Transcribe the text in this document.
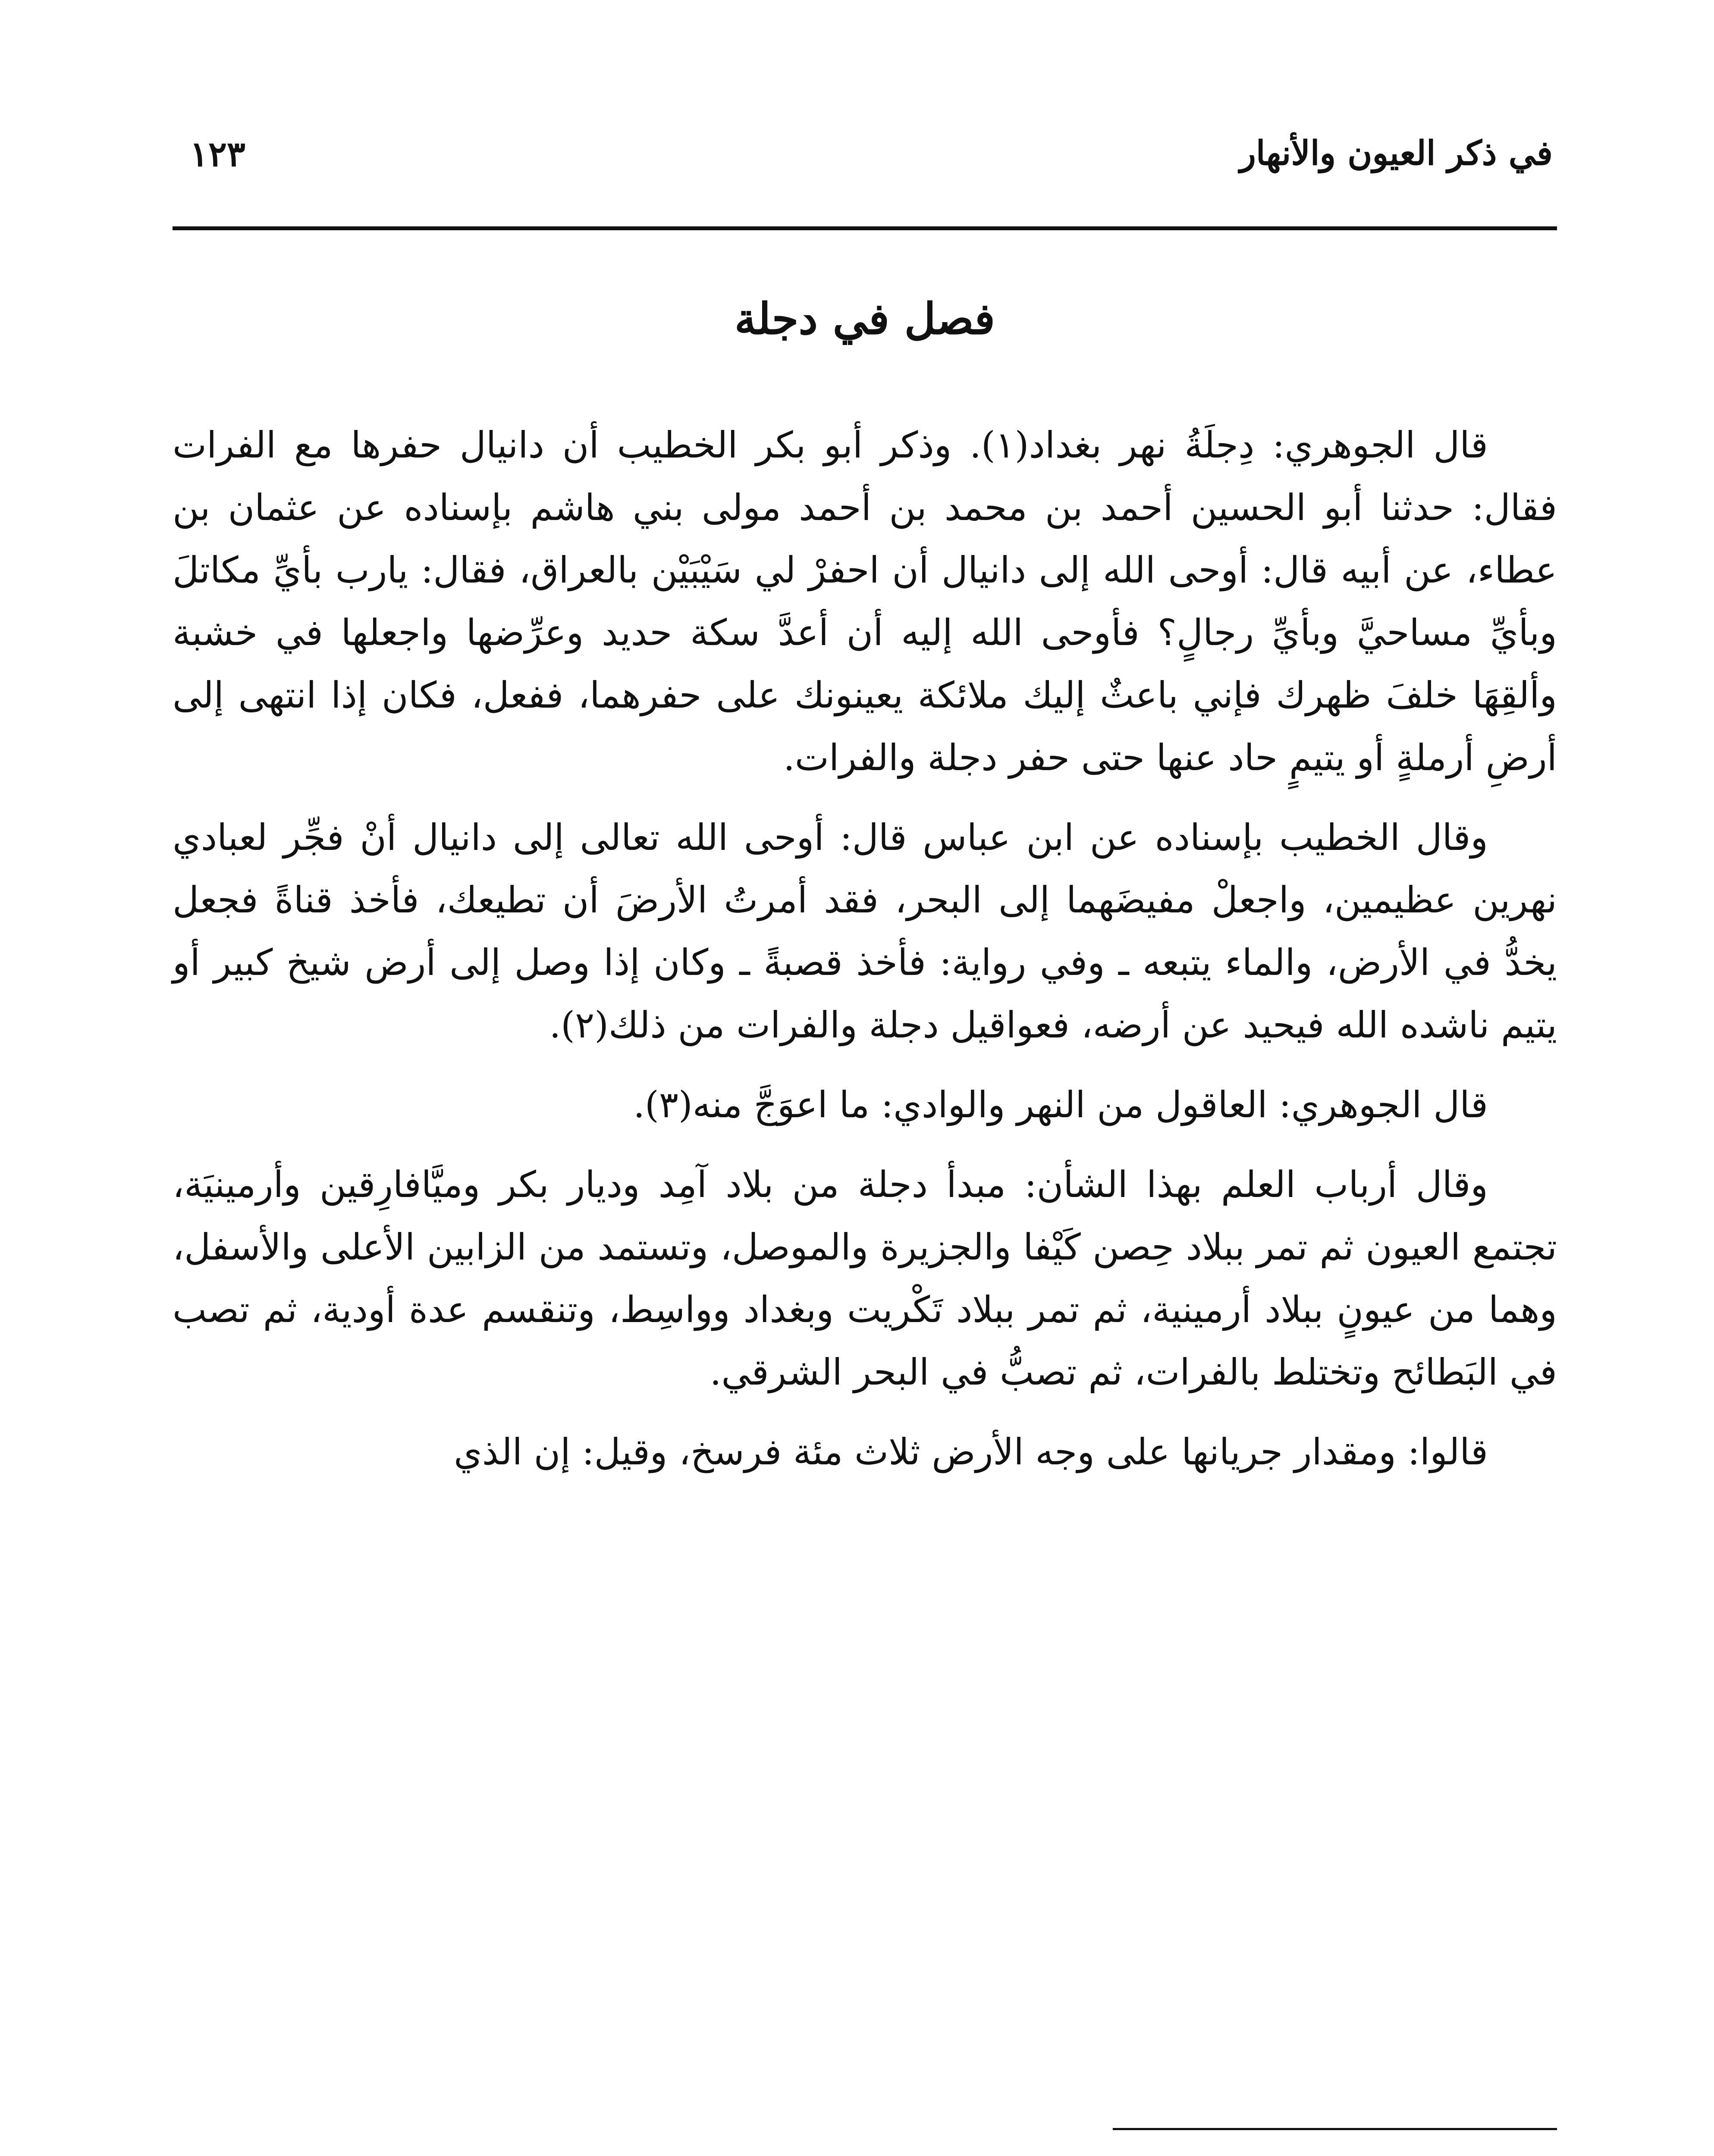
في ذكر العيون والأنهار
١٢٣
فصل في دجلة

قال الجوهري: دِجلَةُ نهر بغداد(١). وذكر أبو بكر الخطيب أن دانيال حفرها مع الفرات فقال: حدثنا أبو الحسين أحمد بن محمد بن أحمد مولى بني هاشم بإسناده عن عثمان بن عطاء، عن أبيه قال: أوحى الله إلى دانيال أن احفرْ لي سَيْبَيْن بالعراق، فقال: يارب بأيِّ مكاتلَ وبأيِّ مساحيَّ وبأيِّ رجالٍ؟ فأوحى الله إليه أن أعدَّ سكة حديد وعرِّضها واجعلها في خشبة وألقِهَا خلفَ ظهرك فإني باعثٌ إليك ملائكة يعينونك على حفرهما، ففعل، فكان إذا انتهى إلى أرضِ أرملةٍ أو يتيمٍ حاد عنها حتى حفر دجلة والفرات.

وقال الخطيب بإسناده عن ابن عباس قال: أوحى الله تعالى إلى دانيال أنْ فجِّر لعبادي نهرين عظيمين، واجعلْ مفيضَهما إلى البحر، فقد أمرتُ الأرضَ أن تطيعك، فأخذ قناةً فجعل يخدُّ في الأرض، والماء يتبعه ـ وفي رواية: فأخذ قصبةً ـ وكان إذا وصل إلى أرض شيخ كبير أو يتيم ناشده الله فيحيد عن أرضه، فعواقيل دجلة والفرات من ذلك(٢).

قال الجوهري: العاقول من النهر والوادي: ما اعوَجَّ منه(٣).

وقال أرباب العلم بهذا الشأن: مبدأ دجلة من بلاد آمِد وديار بكر وميَّافارِقين وأرمينيَة، تجتمع العيون ثم تمر ببلاد حِصن كَيْفا والجزيرة والموصل، وتستمد من الزابين الأعلى والأسفل، وهما من عيونٍ ببلاد أرمينية، ثم تمر ببلاد تَكْريت وبغداد وواسِط، وتنقسم عدة أودية، ثم تصب في البَطائح وتختلط بالفرات، ثم تصبُّ في البحر الشرقي.

قالوا: ومقدار جريانها على وجه الأرض ثلاث مئة فرسخ، وقيل: إن الذي
